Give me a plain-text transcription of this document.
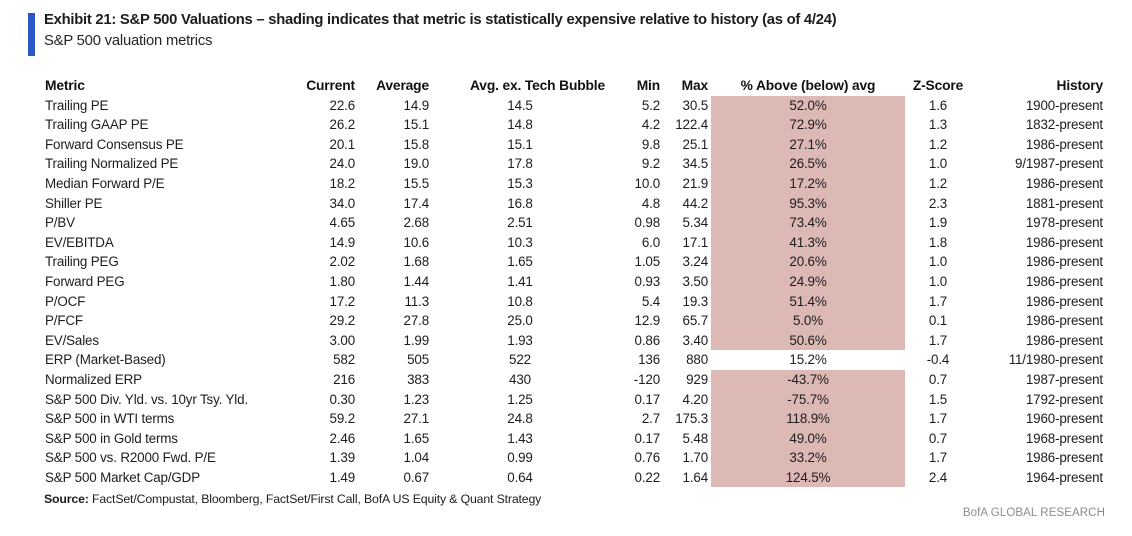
Exhibit 21: S&P 500 Valuations – shading indicates that metric is statistically expensive relative to history (as of 4/24)
S&P 500 valuation metrics
Metric	Current	Average	Avg. ex. Tech Bubble	Min	Max	% Above (below) avg	Z-Score	History
Trailing PE	22.6	14.9	14.5	5.2	30.5	52.0%	1.6	1900-present
Trailing GAAP PE	26.2	15.1	14.8	4.2	122.4	72.9%	1.3	1832-present
Forward Consensus PE	20.1	15.8	15.1	9.8	25.1	27.1%	1.2	1986-present
Trailing Normalized PE	24.0	19.0	17.8	9.2	34.5	26.5%	1.0	9/1987-present
Median Forward P/E	18.2	15.5	15.3	10.0	21.9	17.2%	1.2	1986-present
Shiller PE	34.0	17.4	16.8	4.8	44.2	95.3%	2.3	1881-present
P/BV	4.65	2.68	2.51	0.98	5.34	73.4%	1.9	1978-present
EV/EBITDA	14.9	10.6	10.3	6.0	17.1	41.3%	1.8	1986-present
Trailing PEG	2.02	1.68	1.65	1.05	3.24	20.6%	1.0	1986-present
Forward PEG	1.80	1.44	1.41	0.93	3.50	24.9%	1.0	1986-present
P/OCF	17.2	11.3	10.8	5.4	19.3	51.4%	1.7	1986-present
P/FCF	29.2	27.8	25.0	12.9	65.7	5.0%	0.1	1986-present
EV/Sales	3.00	1.99	1.93	0.86	3.40	50.6%	1.7	1986-present
ERP (Market-Based)	582	505	522	136	880	15.2%	-0.4	11/1980-present
Normalized ERP	216	383	430	-120	929	-43.7%	0.7	1987-present
S&P 500 Div. Yld. vs. 10yr Tsy. Yld.	0.30	1.23	1.25	0.17	4.20	-75.7%	1.5	1792-present
S&P 500 in WTI terms	59.2	27.1	24.8	2.7	175.3	118.9%	1.7	1960-present
S&P 500 in Gold terms	2.46	1.65	1.43	0.17	5.48	49.0%	0.7	1968-present
S&P 500 vs. R2000 Fwd. P/E	1.39	1.04	0.99	0.76	1.70	33.2%	1.7	1986-present
S&P 500 Market Cap/GDP	1.49	0.67	0.64	0.22	1.64	124.5%	2.4	1964-present
Source: FactSet/Compustat, Bloomberg, FactSet/First Call, BofA US Equity & Quant Strategy
BofA GLOBAL RESEARCH
